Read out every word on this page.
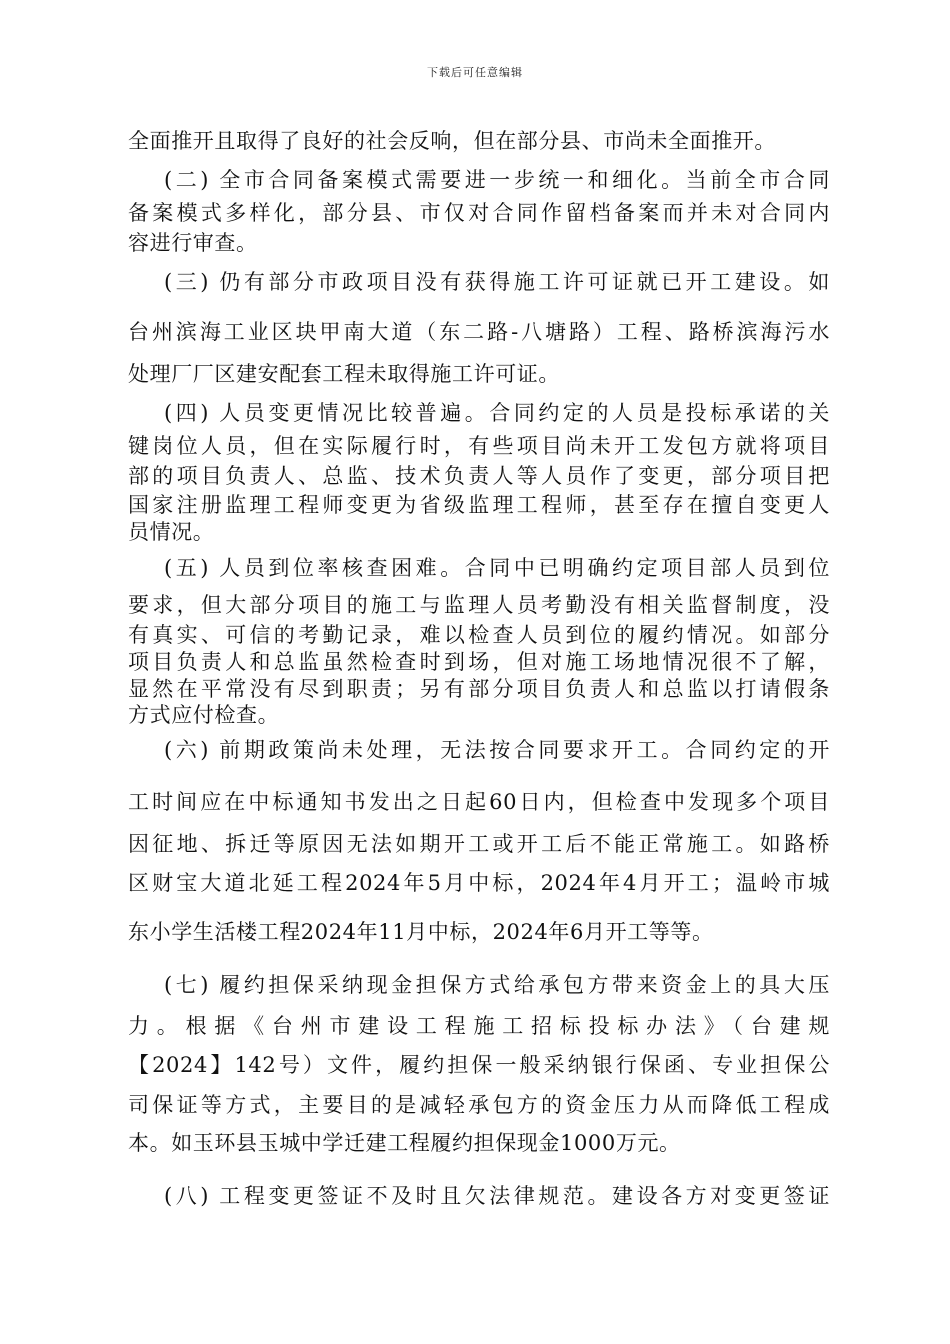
下载后可任意编辑
全面推开且取得了良好的社会反响，但在部分县、市尚未全面推开。
(二) 全市合同备案模式需要进一步统一和细化。当前全市合同
备案模式多样化，部分县、市仅对合同作留档备案而并未对合同内
容进行审查。
(三) 仍有部分市政项目没有获得施工许可证就已开工建设。如
台州滨海工业区块甲南大道（东二路-八塘路）工程、路桥滨海污水
处理厂厂区建安配套工程未取得施工许可证。
(四) 人员变更情况比较普遍。合同约定的人员是投标承诺的关
键岗位人员，但在实际履行时，有些项目尚未开工发包方就将项目
部的项目负责人、总监、技术负责人等人员作了变更，部分项目把
国家注册监理工程师变更为省级监理工程师，甚至存在擅自变更人
员情况。
(五) 人员到位率核查困难。合同中已明确约定项目部人员到位
要求，但大部分项目的施工与监理人员考勤没有相关监督制度，没
有真实、可信的考勤记录，难以检查人员到位的履约情况。如部分
项目负责人和总监虽然检查时到场，但对施工场地情况很不了解，
显然在平常没有尽到职责；另有部分项目负责人和总监以打请假条
方式应付检查。
(六) 前期政策尚未处理，无法按合同要求开工。合同约定的开
工时间应在中标通知书发出之日起60日内，但检查中发现多个项目
因征地、拆迁等原因无法如期开工或开工后不能正常施工。如路桥
区财宝大道北延工程2024年5月中标，2024年4月开工；温岭市城
东小学生活楼工程2024年11月中标，2024年6月开工等等。
(七) 履约担保采纳现金担保方式给承包方带来资金上的具大压
力。根据《台州市建设工程施工招标投标办法》（台建规
【2024】142号）文件，履约担保一般采纳银行保函、专业担保公
司保证等方式，主要目的是减轻承包方的资金压力从而降低工程成
本。如玉环县玉城中学迁建工程履约担保现金1000万元。
(八) 工程变更签证不及时且欠法律规范。建设各方对变更签证
